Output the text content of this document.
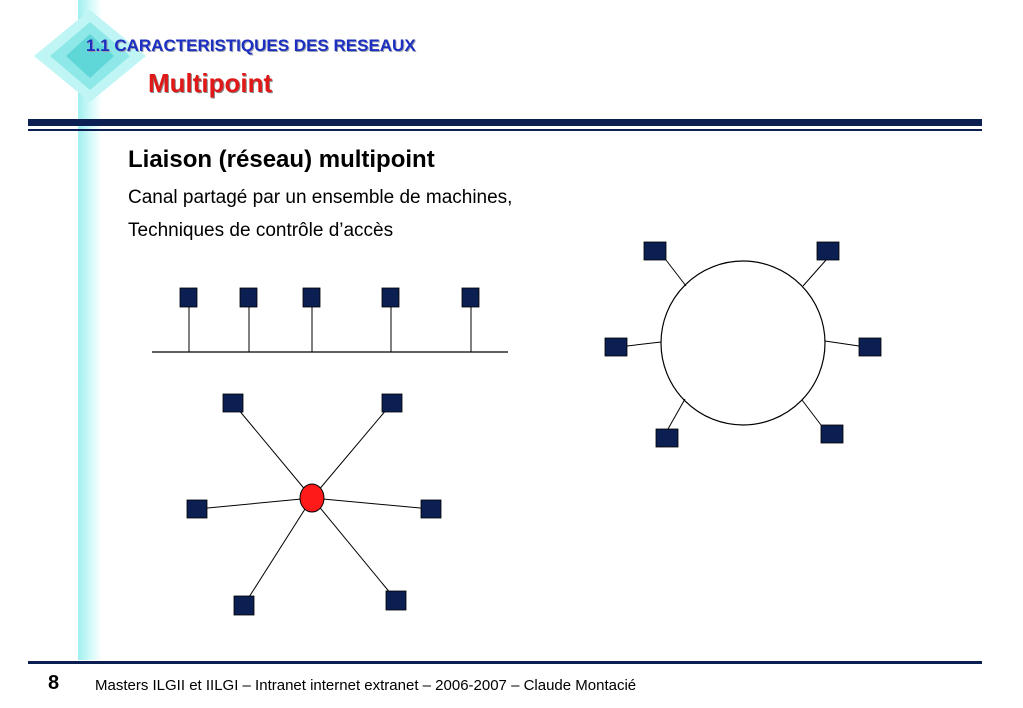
1.1 CARACTERISTIQUES DES RESEAUX
Multipoint
Liaison (réseau) multipoint

Canal partagé par un ensemble de machines,

Techniques de contrôle d’accès

8 Masters ILGII et IILGI – Intranet internet extranet – 2006-2007 – Claude Montacié
